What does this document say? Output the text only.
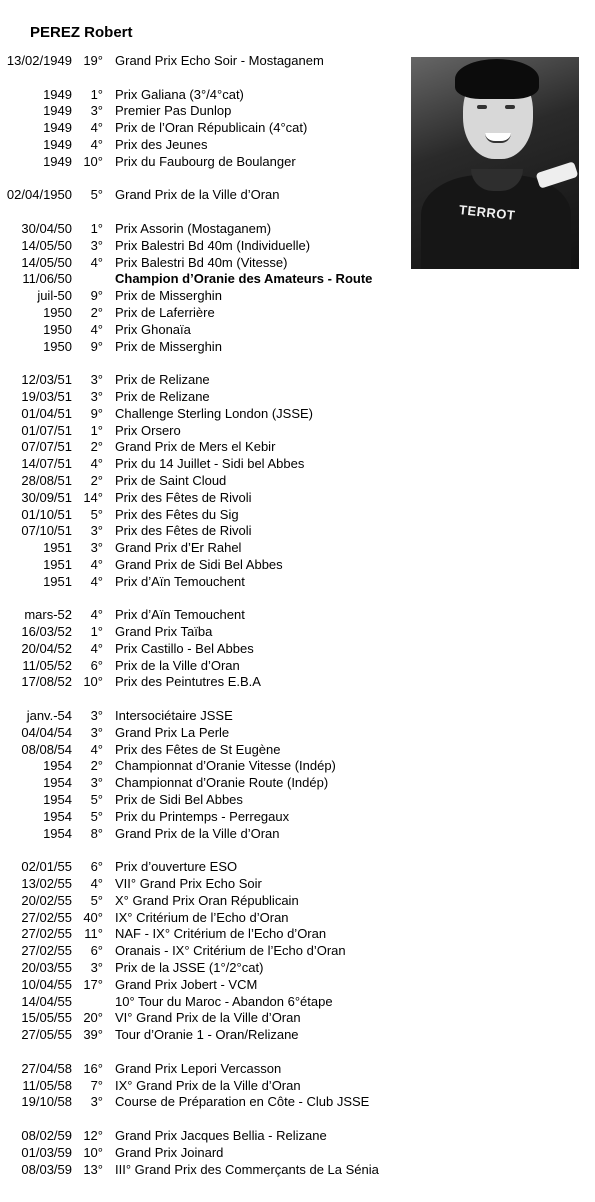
PEREZ Robert
TERROT
13/02/1949 19° Grand Prix Echo Soir - Mostaganem
1949 1° Prix Galiana (3°/4°cat)
1949 3° Premier Pas Dunlop
1949 4° Prix de l’Oran Républicain (4°cat)
1949 4° Prix des Jeunes
1949 10° Prix du Faubourg de Boulanger
02/04/1950 5° Grand Prix de la Ville d’Oran
30/04/50 1° Prix Assorin (Mostaganem)
14/05/50 3° Prix Balestri Bd 40m (Individuelle)
14/05/50 4° Prix Balestri Bd 40m (Vitesse)
11/06/50	Champion d’Oranie des Amateurs - Route
juil-50 9° Prix de Misserghin
1950 2° Prix de Laferrière
1950 4° Prix Ghonaïa
1950 9° Prix de Misserghin
12/03/51 3° Prix de Relizane
19/03/51 3° Prix de Relizane
01/04/51 9° Challenge Sterling London (JSSE)
01/07/51 1° Prix Orsero
07/07/51 2° Grand Prix de Mers el Kebir
14/07/51 4° Prix du 14 Juillet - Sidi bel Abbes
28/08/51 2° Prix de Saint Cloud
30/09/51 14° Prix des Fêtes de Rivoli
01/10/51 5° Prix des Fêtes du Sig
07/10/51 3° Prix des Fêtes de Rivoli
1951 3° Grand Prix d’Er Rahel
1951 4° Grand Prix de Sidi Bel Abbes
1951 4° Prix d’Aïn Temouchent
mars-52 4° Prix d’Aïn Temouchent
16/03/52 1° Grand Prix Taïba
20/04/52 4° Prix Castillo - Bel Abbes
11/05/52 6° Prix de la Ville d’Oran
17/08/52 10° Prix des Peintutres E.B.A
janv.-54 3° Intersociétaire JSSE
04/04/54 3° Grand Prix La Perle
08/08/54 4° Prix des Fêtes de St Eugène
1954 2° Championnat d’Oranie Vitesse (Indép)
1954 3° Championnat d’Oranie Route (Indép)
1954 5° Prix de Sidi Bel Abbes
1954 5° Prix du Printemps - Perregaux
1954 8° Grand Prix de la Ville d’Oran
02/01/55 6° Prix d’ouverture ESO
13/02/55 4° VII° Grand Prix Echo Soir
20/02/55 5° X° Grand Prix Oran Républicain
27/02/55 40° IX° Critérium de l’Echo d’Oran
27/02/55 11° NAF - IX° Critérium de l’Echo d’Oran
27/02/55 6° Oranais - IX° Critérium de l’Echo d’Oran
20/03/55 3° Prix de la JSSE (1°/2°cat)
10/04/55 17° Grand Prix Jobert - VCM
14/04/55	10° Tour du Maroc - Abandon 6°étape
15/05/55 20° VI° Grand Prix de la Ville d’Oran
27/05/55 39° Tour d’Oranie 1 - Oran/Relizane
27/04/58 16° Grand Prix Lepori Vercasson
11/05/58 7° IX° Grand Prix de la Ville d’Oran
19/10/58 3° Course de Préparation en Côte - Club JSSE
08/02/59 12° Grand Prix Jacques Bellia - Relizane
01/03/59 10° Grand Prix Joinard
08/03/59 13° III° Grand Prix des Commerçants de La Sénia
